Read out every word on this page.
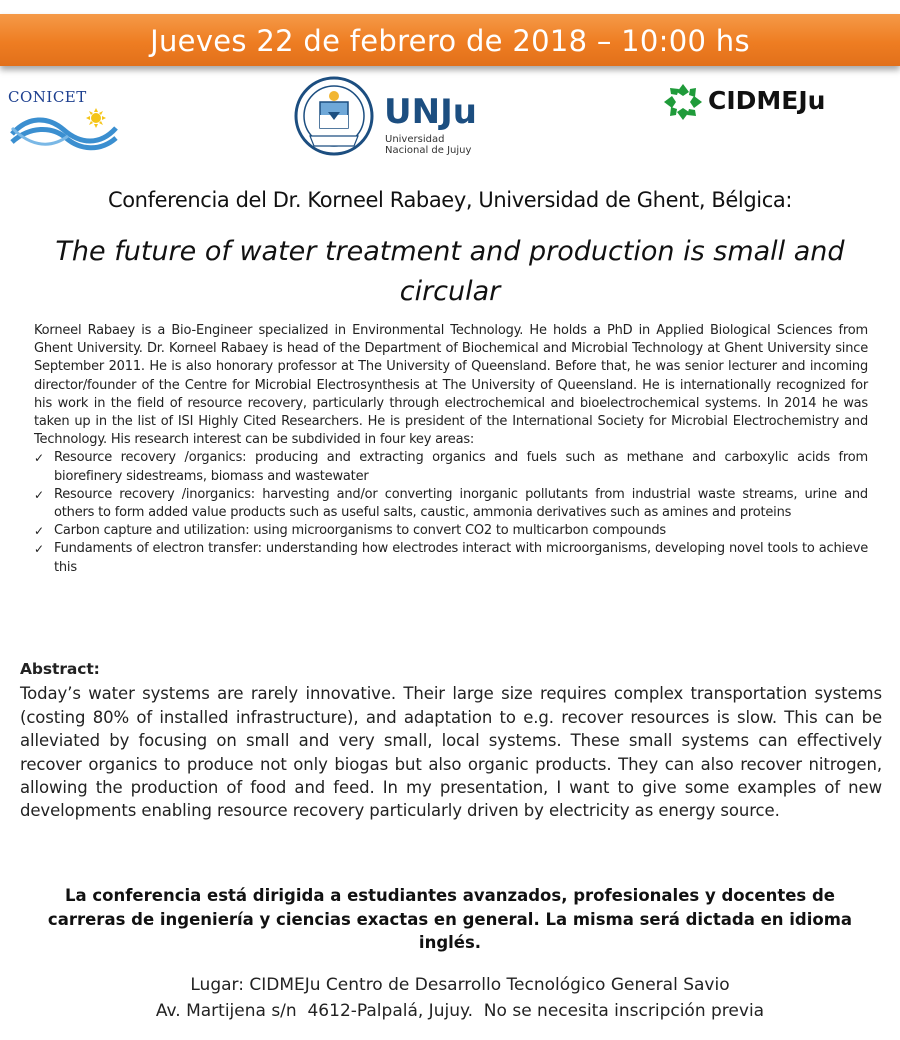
Jueves 22 de febrero de 2018 – 10:00 hs
CONICET	UNJu
Universidad
Nacional de Jujuy
CIDMEJu
Conferencia del Dr. Korneel Rabaey, Universidad de Ghent, Bélgica:
The future of water treatment and production is small and circular

Korneel Rabaey is a Bio-Engineer specialized in Environmental Technology. He holds a PhD in Applied Biological Sciences from Ghent University. Dr. Korneel Rabaey is head of the Department of Biochemical and Microbial Technology at Ghent University since September 2011. He is also honorary professor at The University of Queensland. Before that, he was senior lecturer and incoming director/founder of the Centre for Microbial Electrosynthesis at The University of Queensland. He is internationally recognized for his work in the field of resource recovery, particularly through electrochemical and bioelectrochemical systems. In 2014 he was taken up in the list of ISI Highly Cited Researchers. He is president of the International Society for Microbial Electrochemistry and Technology. His research interest can be subdivided in four key areas:

✓ Resource recovery /organics: producing and extracting organics and fuels such as methane and carboxylic acids from biorefinery sidestreams, biomass and wastewater
✓ Resource recovery /inorganics: harvesting and/or converting inorganic pollutants from industrial waste streams, urine and others to form added value products such as useful salts, caustic, ammonia derivatives such as amines and proteins
✓ Carbon capture and utilization: using microorganisms to convert CO2 to multicarbon compounds
✓ Fundaments of electron transfer: understanding how electrodes interact with microorganisms, developing novel tools to achieve this
Abstract:
Today’s water systems are rarely innovative. Their large size requires complex transportation systems (costing 80% of installed infrastructure), and adaptation to e.g. recover resources is slow. This can be alleviated by focusing on small and very small, local systems. These small systems can effectively recover organics to produce not only biogas but also organic products. They can also recover nitrogen, allowing the production of food and feed. In my presentation, I want to give some examples of new developments enabling resource recovery particularly driven by electricity as energy source.
La conferencia está dirigida a estudiantes avanzados, profesionales y docentes de carreras de ingeniería y ciencias exactas en general. La misma será dictada en idioma inglés.
Lugar: CIDMEJu Centro de Desarrollo Tecnológico General Savio
Av. Martijena s/n  4612-Palpalá, Jujuy.  No se necesita inscripción previa
